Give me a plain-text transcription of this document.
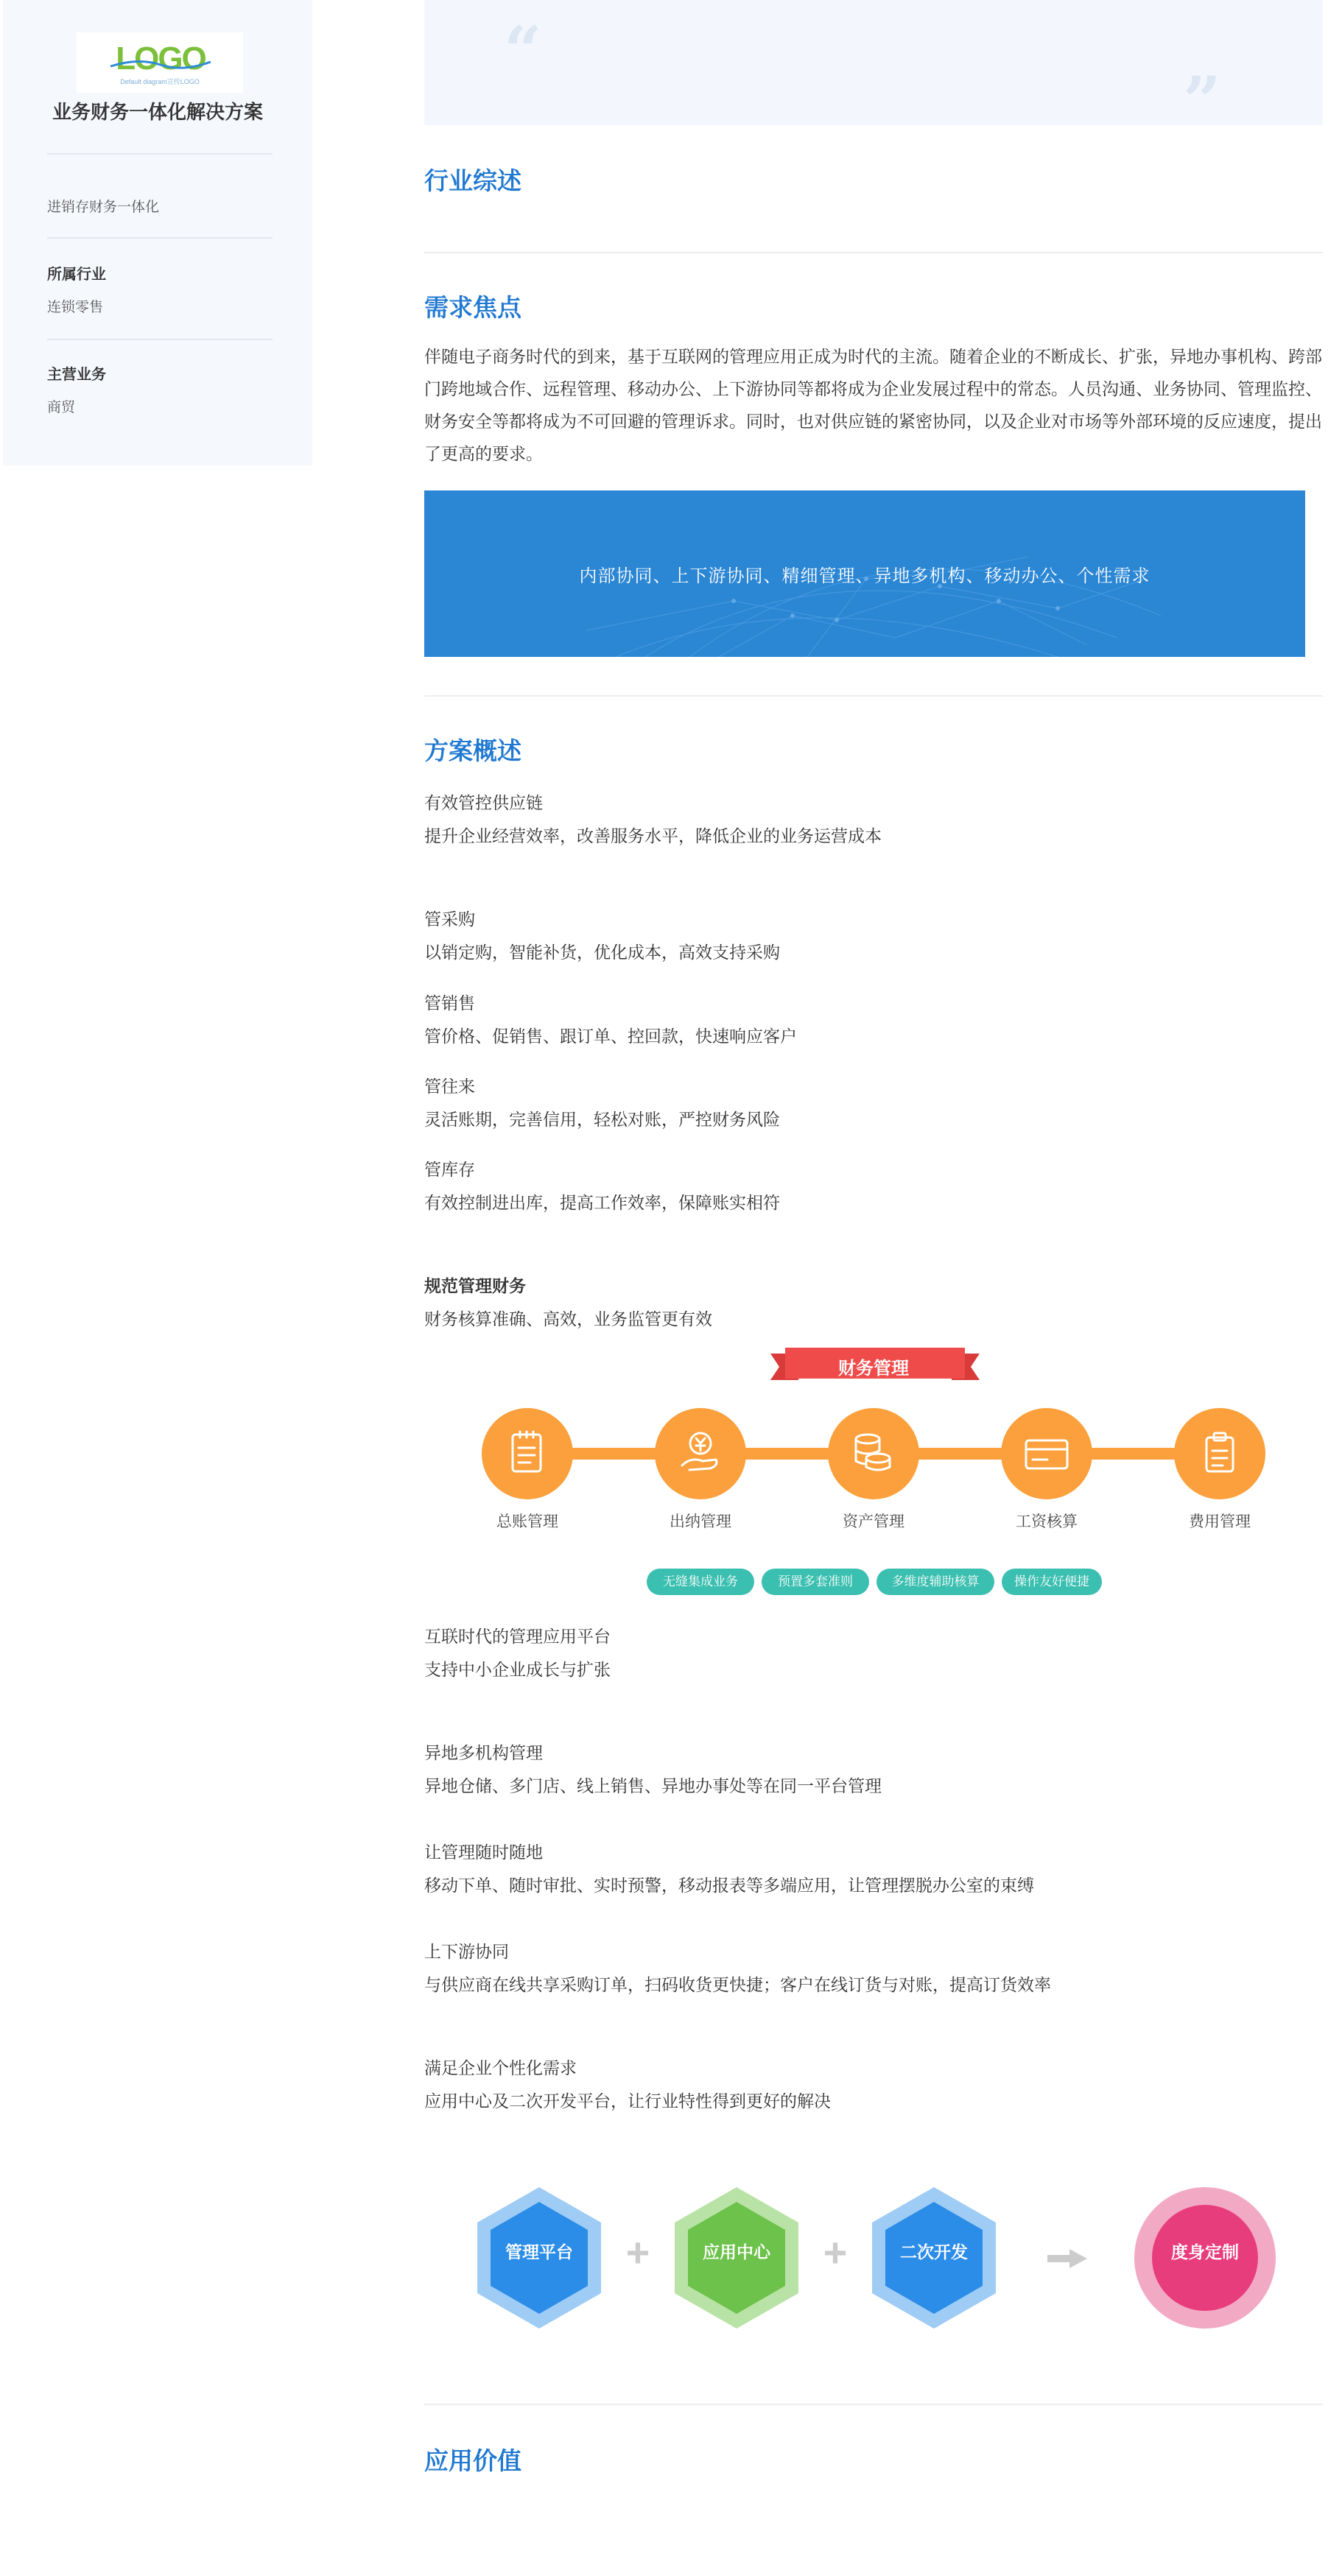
LOGO
Default diagram宣传LOGO
业务财务一体化解决方案
进销存财务一体化
所属行业
连锁零售
主营业务
商贸
“
”
行业综述
需求焦点
伴随电子商务时代的到来，基于互联网的管理应用正成为时代的主流。随着企业的不断成长、扩张，异地办事机构、跨部门跨地域合作、远程管理、移动办公、上下游协同等都将成为企业发展过程中的常态。人员沟通、业务协同、管理监控、财务安全等都将成为不可回避的管理诉求。同时，也对供应链的紧密协同，以及企业对市场等外部环境的反应速度，提出了更高的要求。
内部协同、上下游协同、精细管理、异地多机构、移动办公、个性需求
方案概述
有效管控供应链
提升企业经营效率，改善服务水平，降低企业的业务运营成本
管采购
以销定购，智能补货，优化成本，高效支持采购
管销售
管价格、促销售、跟订单、控回款，快速响应客户
管往来
灵活账期，完善信用，轻松对账，严控财务风险
管库存
有效控制进出库，提高工作效率，保障账实相符
规范管理财务
财务核算准确、高效，业务监管更有效
财务管理
总账管理	出纳管理	资产管理	工资核算	费用管理
无缝集成业务	预置多套准则	多维度辅助核算	操作友好便捷
互联时代的管理应用平台
支持中小企业成长与扩张
异地多机构管理
异地仓储、多门店、线上销售、异地办事处等在同一平台管理
让管理随时随地
移动下单、随时审批、实时预警，移动报表等多端应用，让管理摆脱办公室的束缚
上下游协同
与供应商在线共享采购订单，扫码收货更快捷；客户在线订货与对账，提高订货效率
满足企业个性化需求
应用中心及二次开发平台，让行业特性得到更好的解决
+	+
管理平台	应用中心	二次开发	度身定制
应用价值
